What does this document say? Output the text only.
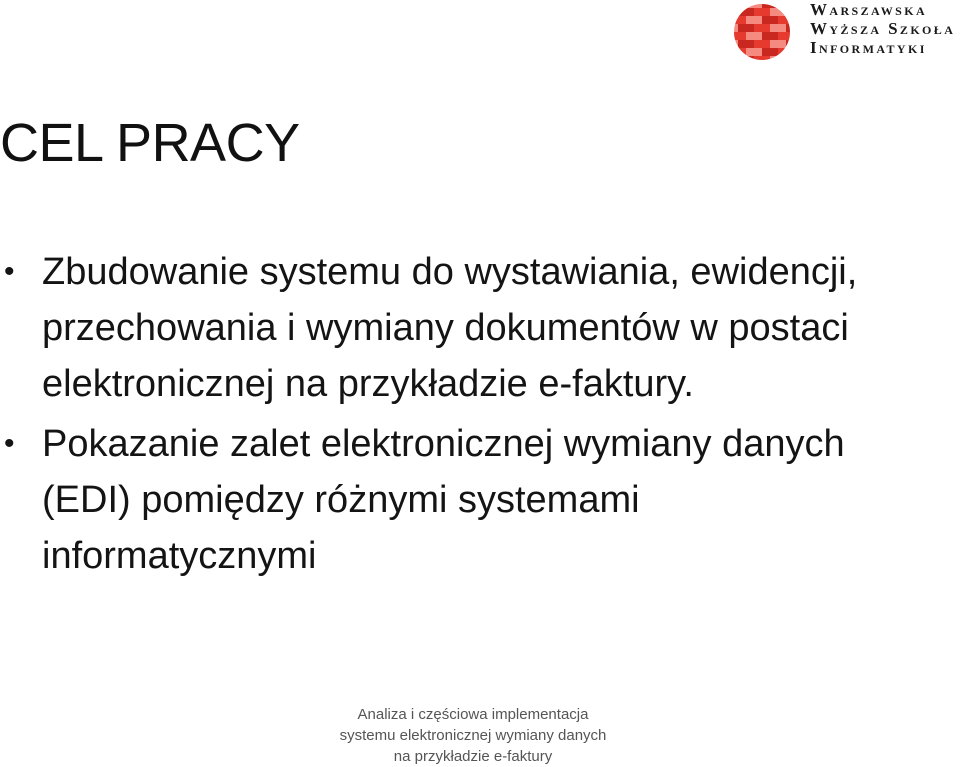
Warszawska
Wyższa Szkoła
Informatyki
CEL PRACY
• Zbudowanie systemu do wystawiania, ewidencji, przechowania i wymiany dokumentów w postaci elektronicznej na przykładzie e-faktury.
• Pokazanie zalet elektronicznej wymiany danych (EDI) pomiędzy różnymi systemami informatycznymi
Analiza i częściowa implementacja
systemu elektronicznej wymiany danych
na przykładzie e-faktury
